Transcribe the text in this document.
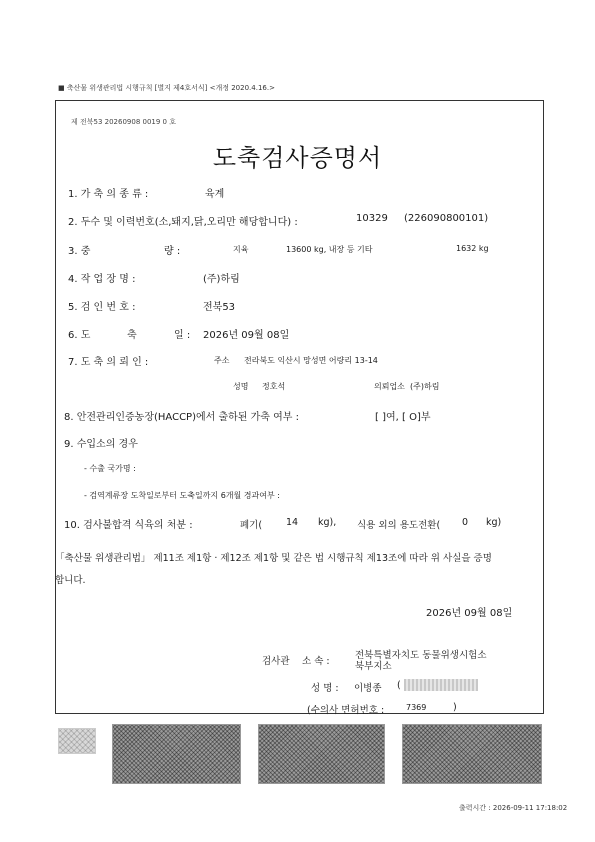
■ 축산물 위생관리법 시행규칙 [별지 제4호서식] <개정 2020.4.16.>
제 전북53 20260908 0019 0 호
도축검사증명서
1. 가 축 의 종 류 :	육계
2. 두수 및 이력번호(소,돼지,닭,오리만 해당합니다) :	10329 (226090800101)
3. 중	량 :	지육	13600 kg, 내장 등 기타	1632 kg
4. 작 업 장 명 :	(주)하림
5. 검 인 번 호 :	전북53
6. 도	축	일 : 2026년 09월 08일
7. 도 축 의 뢰 인 :	주소 전라북도 익산시 망성면 어량리 13-14
성명 정호석	의뢰업소 (주)하림
8. 안전관리인증농장(HACCP)에서 출하된 가축 여부 :	[ ]여, [ O]부
9. 수입소의 경우
- 수출 국가명 :
- 검역계류장 도착일로부터 도축일까지 6개월 경과여부 :
10. 검사불합격 식육의 처분 :	폐기(	14 kg), 식용 외의 용도전환( 0 kg)
「축산물 위생관리법」 제11조 제1항 · 제12조 제1항 및 같은 법 시행규칙 제13조에 따라 위 사실을 증명
합니다.
2026년 09월 08일
검사관 소 속 :
전북특별자치도 동물위생시험소
북부지소
성 명 : 이병종 (
(수의사 면허번호 :	7369	)
출력시간 : 2026-09-11 17:18:02
